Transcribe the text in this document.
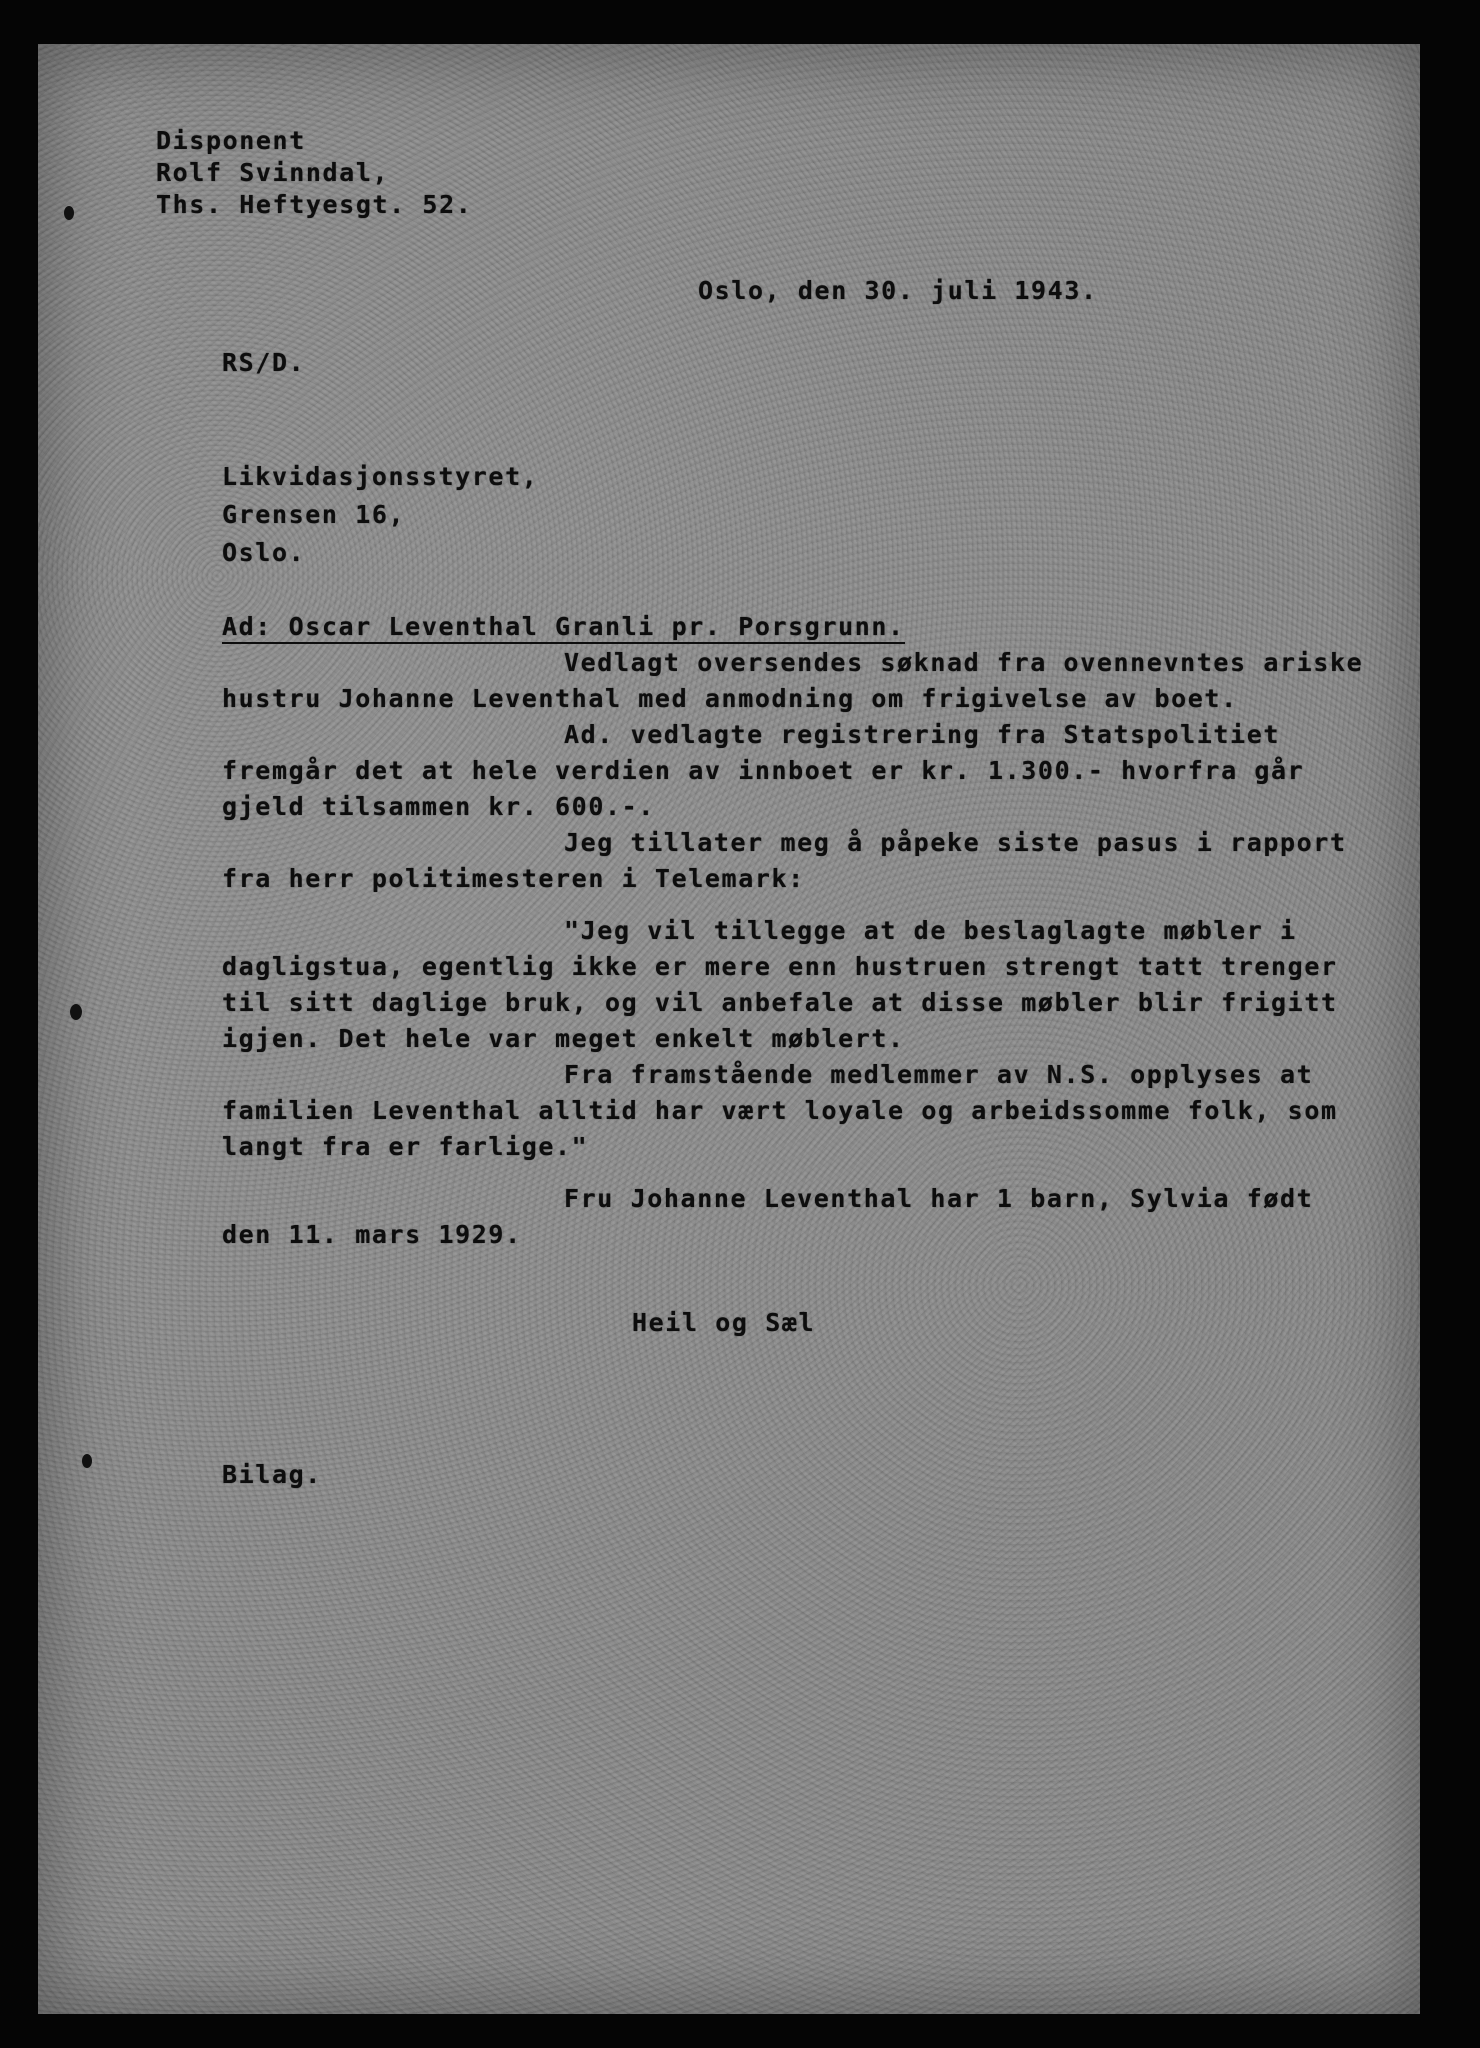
Disponent

Rolf Svinndal,

Ths. Heftyesgt. 52.

Oslo, den 30. juli 1943.

RS/D.

Likvidasjonsstyret,

Grensen 16,

Oslo.

Ad: Oscar Leventhal Granli pr. Porsgrunn.

Vedlagt oversendes søknad fra ovennevntes ariske

hustru Johanne Leventhal med anmodning om frigivelse av boet.

Ad. vedlagte registrering fra Statspolitiet

fremgår det at hele verdien av innboet er kr. 1.300.- hvorfra går

gjeld tilsammen kr. 600.-.

Jeg tillater meg å påpeke siste pasus i rapport

fra herr politimesteren i Telemark:

"Jeg vil tillegge at de beslaglagte møbler i

dagligstua, egentlig ikke er mere enn hustruen strengt tatt trenger

til sitt daglige bruk, og vil anbefale at disse møbler blir frigitt

igjen. Det hele var meget enkelt møblert.

Fra framstående medlemmer av N.S. opplyses at

familien Leventhal alltid har vært loyale og arbeidssomme folk, som

langt fra er farlige."

Fru Johanne Leventhal har 1 barn, Sylvia født

den 11. mars 1929.

Heil og Sæl

Bilag.
